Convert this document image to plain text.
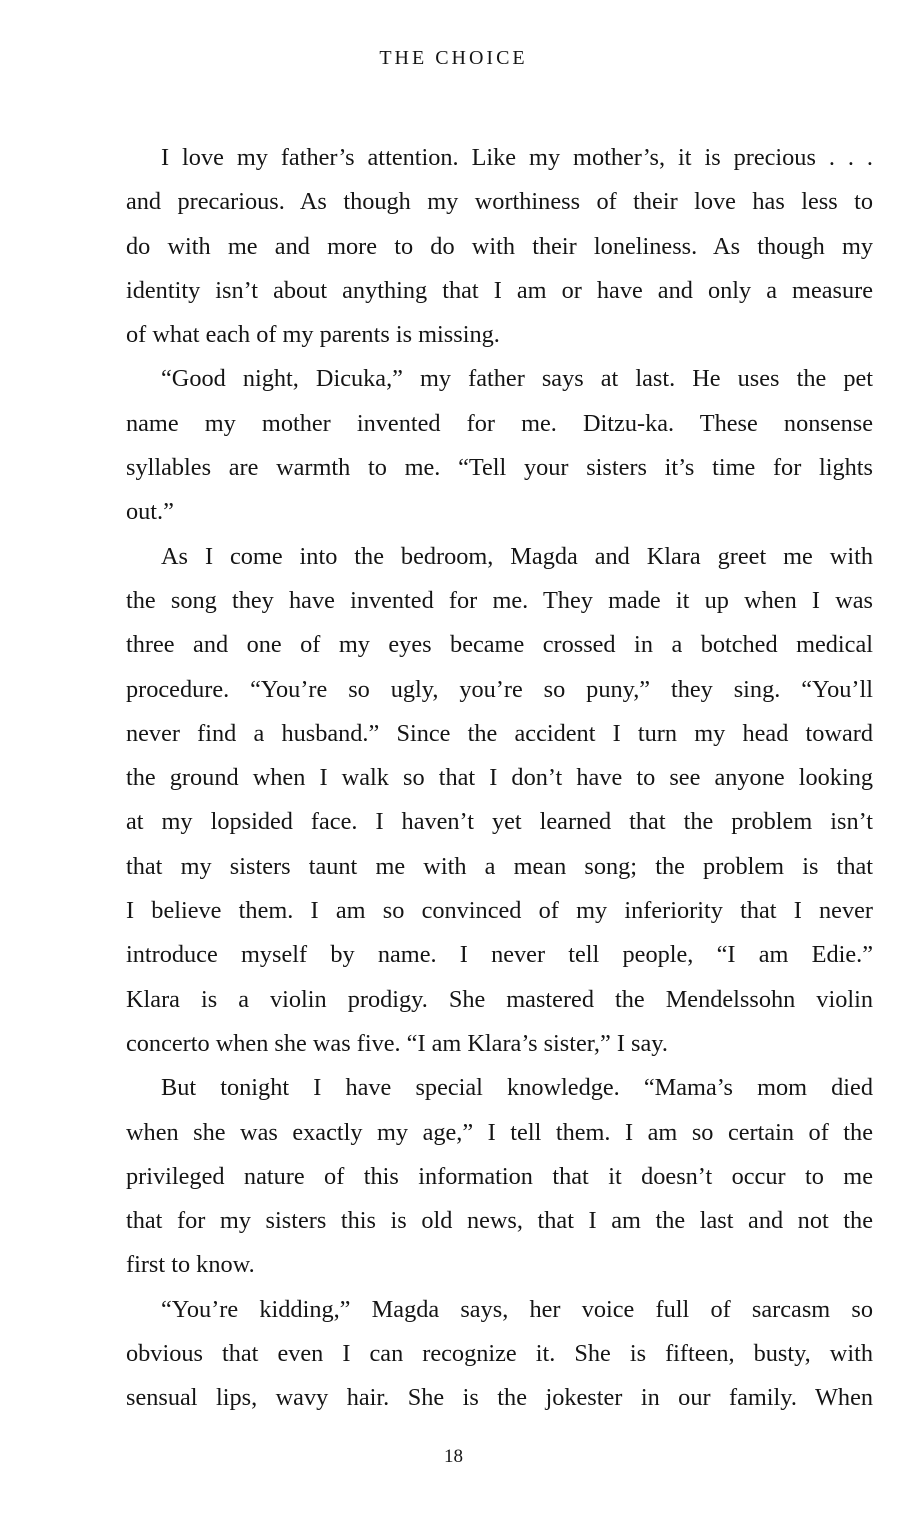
THE CHOICE
I love my father’s attention. Like my mother’s, it is precious . . .
and precarious. As though my worthiness of their love has less to
do with me and more to do with their loneliness. As though my
identity isn’t about anything that I am or have and only a measure
of what each of my parents is missing.
“Good night, Dicuka,” my father says at last. He uses the pet
name my mother invented for me. Ditzu-ka. These nonsense
syllables are warmth to me. “Tell your sisters it’s time for lights
out.”
As I come into the bedroom, Magda and Klara greet me with
the song they have invented for me. They made it up when I was
three and one of my eyes became crossed in a botched medical
procedure. “You’re so ugly, you’re so puny,” they sing. “You’ll
never find a husband.” Since the accident I turn my head toward
the ground when I walk so that I don’t have to see anyone looking
at my lopsided face. I haven’t yet learned that the problem isn’t
that my sisters taunt me with a mean song; the problem is that
I believe them. I am so convinced of my inferiority that I never
introduce myself by name. I never tell people, “I am Edie.”
Klara is a violin prodigy. She mastered the Mendelssohn violin
concerto when she was five. “I am Klara’s sister,” I say.
But tonight I have special knowledge. “Mama’s mom died
when she was exactly my age,” I tell them. I am so certain of the
privileged nature of this information that it doesn’t occur to me
that for my sisters this is old news, that I am the last and not the
first to know.
“You’re kidding,” Magda says, her voice full of sarcasm so
obvious that even I can recognize it. She is fifteen, busty, with
sensual lips, wavy hair. She is the jokester in our family. When
18
